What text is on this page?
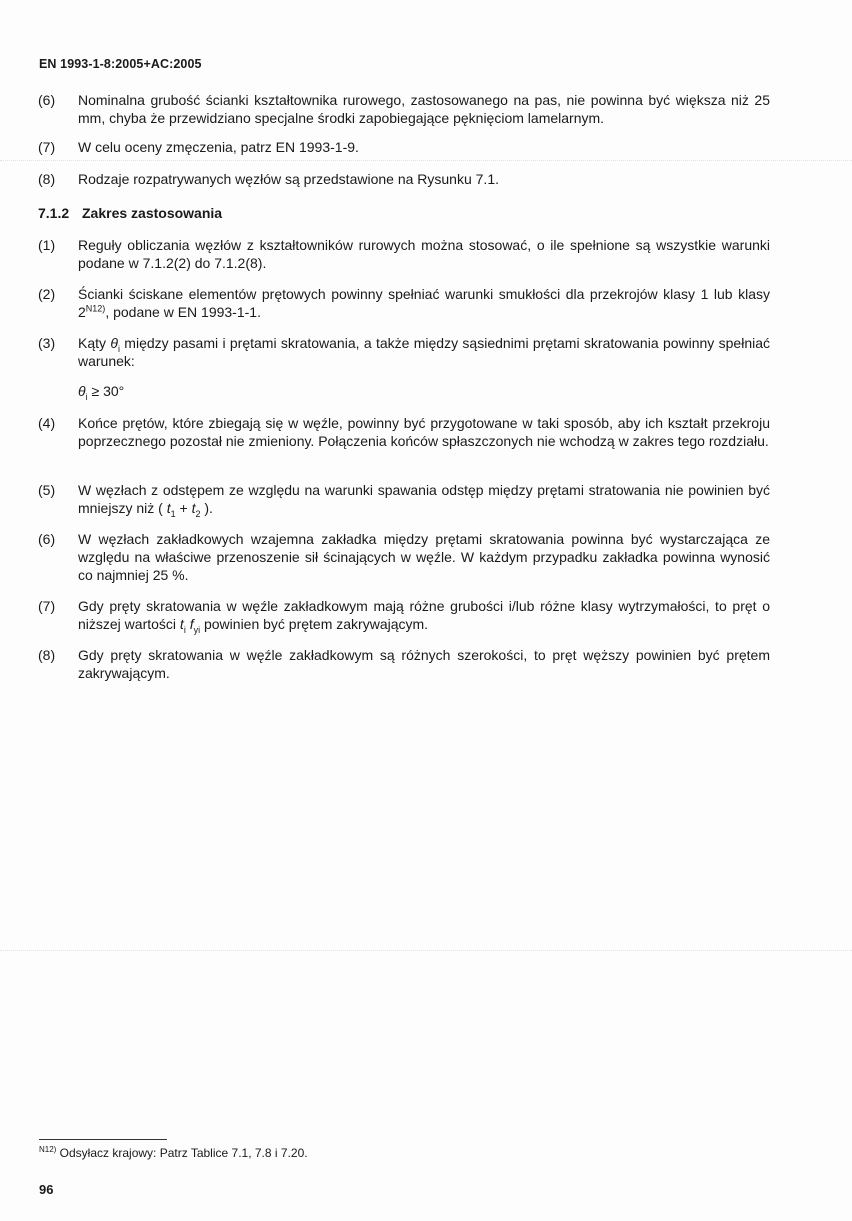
EN 1993-1-8:2005+AC:2005
(6)	Nominalna grubość ścianki kształtownika rurowego, zastosowanego na pas, nie powinna być większa niż 25 mm, chyba że przewidziano specjalne środki zapobiegające pęknięciom lamelarnym.
(7)	W celu oceny zmęczenia, patrz EN 1993-1-9.
(8)	Rodzaje rozpatrywanych węzłów są przedstawione na Rysunku 7.1.
7.1.2 Zakres zastosowania
(1)	Reguły obliczania węzłów z kształtowników rurowych można stosować, o ile spełnione są wszystkie warunki podane w 7.1.2(2) do 7.1.2(8).
(2)	Ścianki ściskane elementów prętowych powinny spełniać warunki smukłości dla przekrojów klasy 1 lub klasy $2^{N12)}$, podane w EN 1993-1-1.
(3)	Kąty $\theta_i$ między pasami i prętami skratowania, a także między sąsiednimi prętami skratowania powinny spełniać warunek:
$\theta_i \ge 30^\circ$
(4)	Końce prętów, które zbiegają się w węźle, powinny być przygotowane w taki sposób, aby ich kształt przekroju poprzecznego pozostał nie zmieniony. Połączenia końców spłaszczonych nie wchodzą w zakres tego rozdziału.
(5)	W węzłach z odstępem ze względu na warunki spawania odstęp między prętami stratowania nie powinien być mniejszy niż ( $t_1 + t_2$ ).
(6)	W węzłach zakładkowych wzajemna zakładka między prętami skratowania powinna być wystarczająca ze względu na właściwe przenoszenie sił ścinających w węźle. W każdym przypadku zakładka powinna wynosić co najmniej 25 %.
(7)	Gdy pręty skratowania w węźle zakładkowym mają różne grubości i/lub różne klasy wytrzymałości, to pręt o niższej wartości $t_i$ $f_{yi}$ powinien być prętem zakrywającym.
(8)	Gdy pręty skratowania w węźle zakładkowym są różnych szerokości, to pręt węższy powinien być prętem zakrywającym.
$^{N12)}$ Odsyłacz krajowy: Patrz Tablice 7.1, 7.8 i 7.20.
96
